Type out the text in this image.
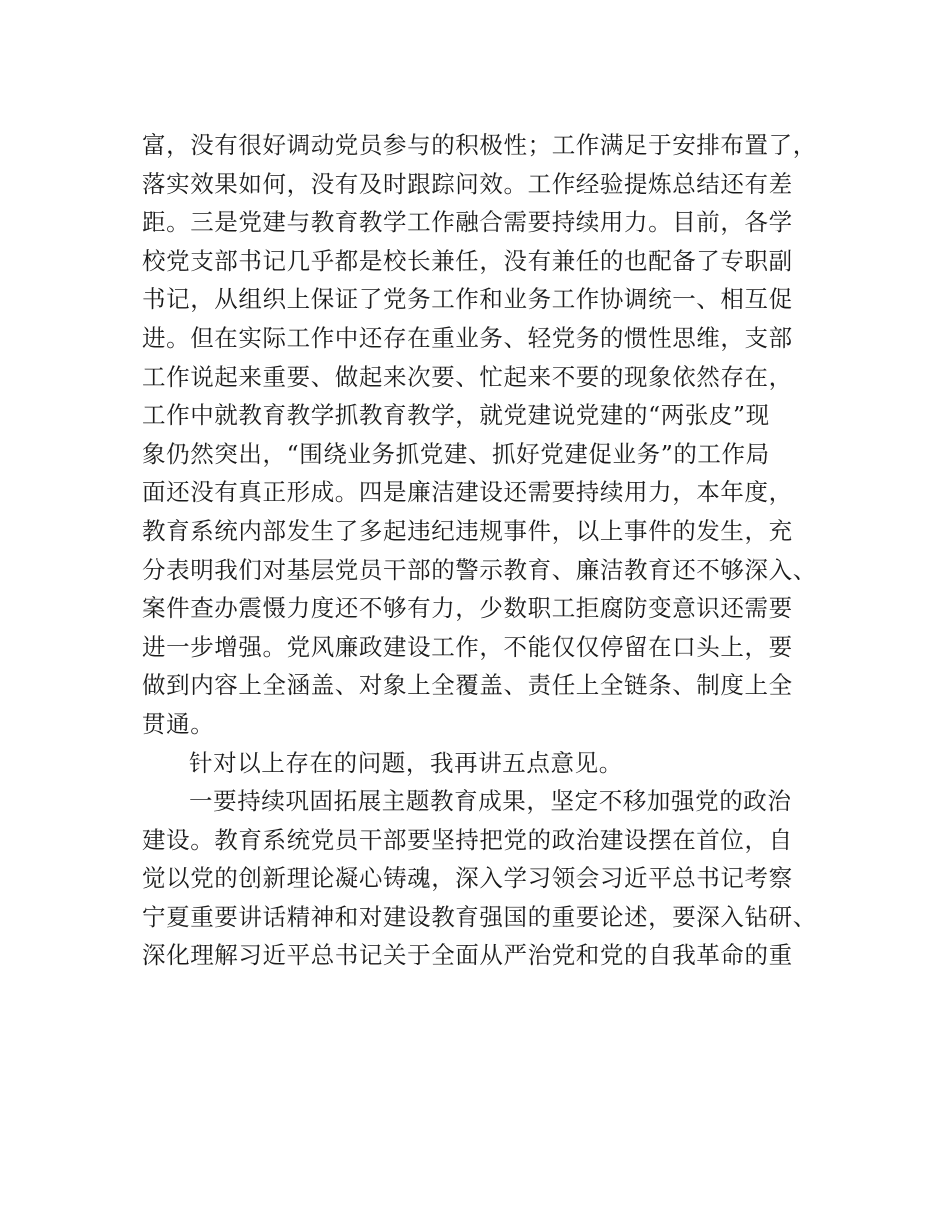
富，没有很好调动党员参与的积极性；工作满足于安排布置了，
落实效果如何，没有及时跟踪问效。工作经验提炼总结还有差
距。三是党建与教育教学工作融合需要持续用力。目前，各学
校党支部书记几乎都是校长兼任，没有兼任的也配备了专职副
书记，从组织上保证了党务工作和业务工作协调统一、相互促
进。但在实际工作中还存在重业务、轻党务的惯性思维，支部
工作说起来重要、做起来次要、忙起来不要的现象依然存在，
工作中就教育教学抓教育教学，就党建说党建的“两张皮”现
象仍然突出，“围绕业务抓党建、抓好党建促业务”的工作局
面还没有真正形成。四是廉洁建设还需要持续用力，本年度，
教育系统内部发生了多起违纪违规事件，以上事件的发生，充
分表明我们对基层党员干部的警示教育、廉洁教育还不够深入、
案件查办震慑力度还不够有力，少数职工拒腐防变意识还需要
进一步增强。党风廉政建设工作，不能仅仅停留在口头上，要
做到内容上全涵盖、对象上全覆盖、责任上全链条、制度上全
贯通。
针对以上存在的问题，我再讲五点意见。
一要持续巩固拓展主题教育成果，坚定不移加强党的政治
建设。教育系统党员干部要坚持把党的政治建设摆在首位，自
觉以党的创新理论凝心铸魂，深入学习领会习近平总书记考察
宁夏重要讲话精神和对建设教育强国的重要论述，要深入钻研、
深化理解习近平总书记关于全面从严治党和党的自我革命的重
